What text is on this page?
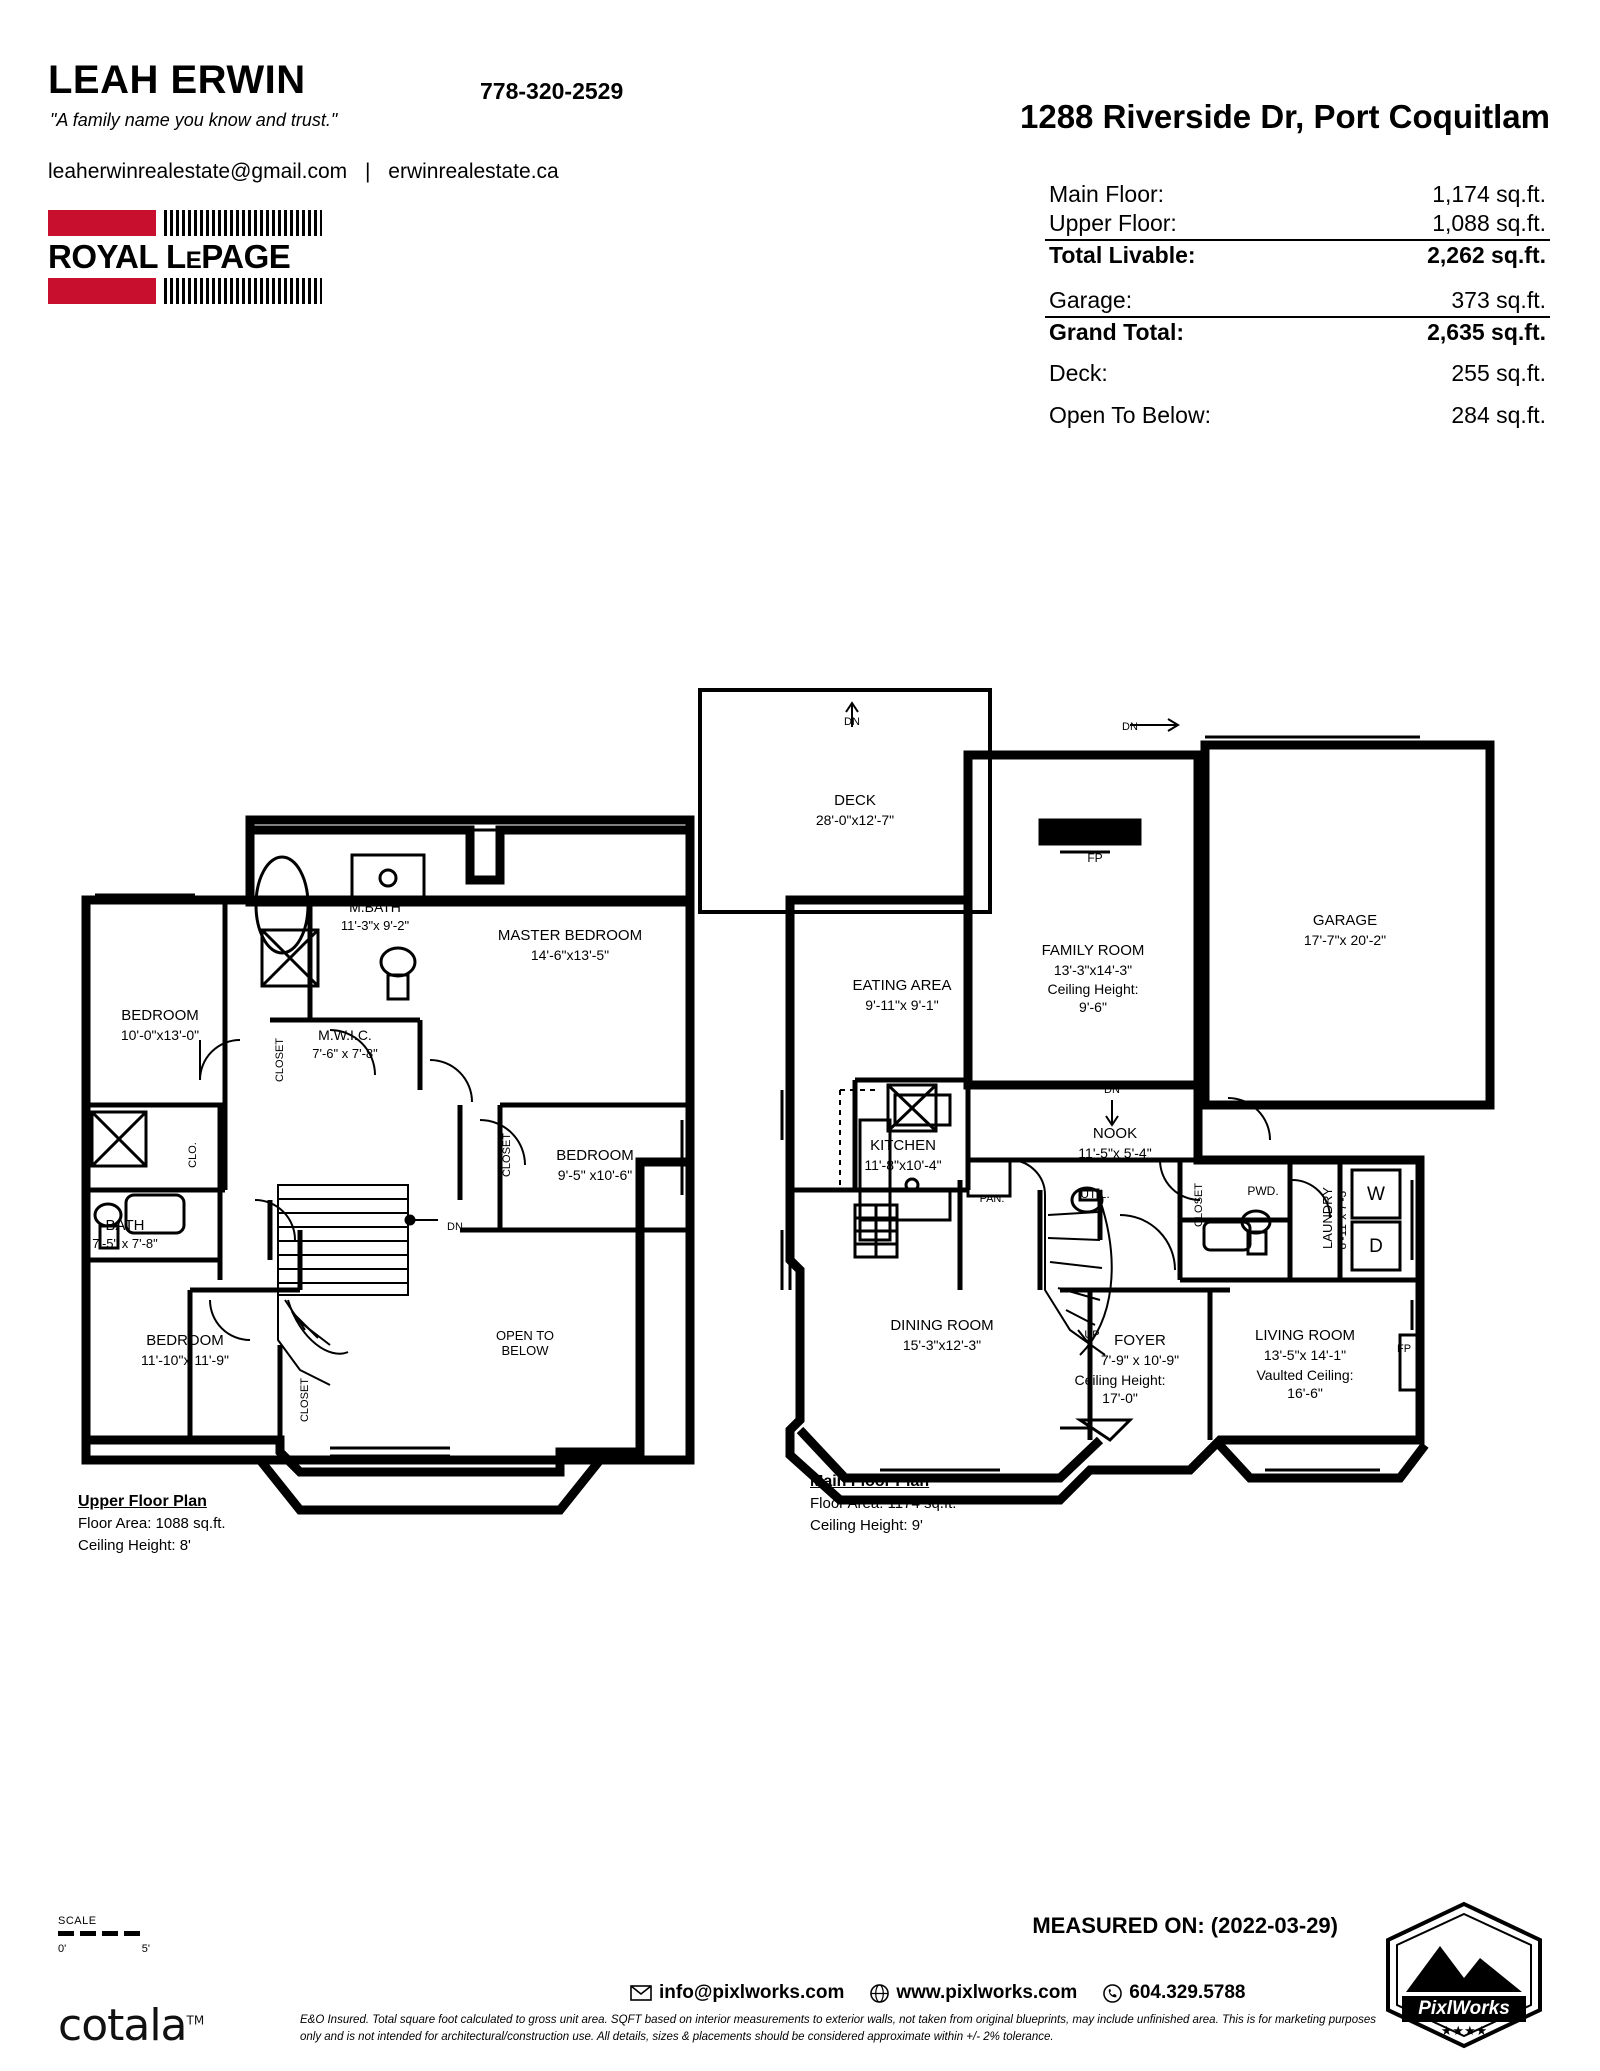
LEAH ERWIN	778-320-2529
"A family name you know and trust."
leaherwinrealestate@gmail.com | erwinrealestate.ca
1288 Riverside Dr, Port Coquitlam
ROYAL LEPAGE
Main Floor:	1,174 sq.ft.
Upper Floor:	1,088 sq.ft.
Total Livable:	2,262 sq.ft.
Garage:	373 sq.ft.
Grand Total:	2,635 sq.ft.
Deck:	255 sq.ft.
Open To Below:	284 sq.ft.
M.BATH
11'-3"x 9'-2"
MASTER BEDROOM
14'-6"x13'-5"
BEDROOM
10'-0"x13'-0"	M.W.I.C.
7'-6" x 7'-8"
BEDROOM
9'-5" x10'-6"
BATH
7'-5" x 7'-8"
BEDROOM
11'-10"x 11'-9"
OPEN TO
BELOW
CLOSET
CLOSET
CLO.
CLOSET
DN
DECK
28'-0"x12'-7"
DN	DN
FAMILY ROOM
13'-3"x14'-3"
Ceiling Height:
9'-6"
FP
GARAGE
17'-7"x 20'-2"
EATING AREA
9'-11"x 9'-1"
KITCHEN
11'-8"x10'-4"
NOOK
11'-5"x 5'-4"
DN
UTIL.
PAN.
PWD.
CLOSET	LAUNDRY 8'-11"x 7'-3" W
D
DINING ROOM
15'-3"x12'-3"	FOYER
7'-9" x 10'-9"
Ceiling Height:
17'-0"
UP	LIVING ROOM
13'-5"x 14'-1"
Vaulted Ceiling:
16'-6"
FP
Upper Floor Plan
Floor Area: 1088 sq.ft.
Ceiling Height: 8'
Main Floor Plan
Floor Area: 1174 sq.ft.
Ceiling Height: 9'
SCALE
0'	5'
MEASURED ON: (2022-03-29)
info@pixlworks.com	www.pixlworks.com	604.329.5788
E&O Insured. Total square foot calculated to gross unit area. SQFT based on interior measurements to exterior walls, not taken from original blueprints, may include unfinished area. This is for marketing purposes only and is not intended for architectural/construction use. All details, sizes & placements should be considered approximate within +/- 2% tolerance.
cotala™
PixlWorks
★★★★
